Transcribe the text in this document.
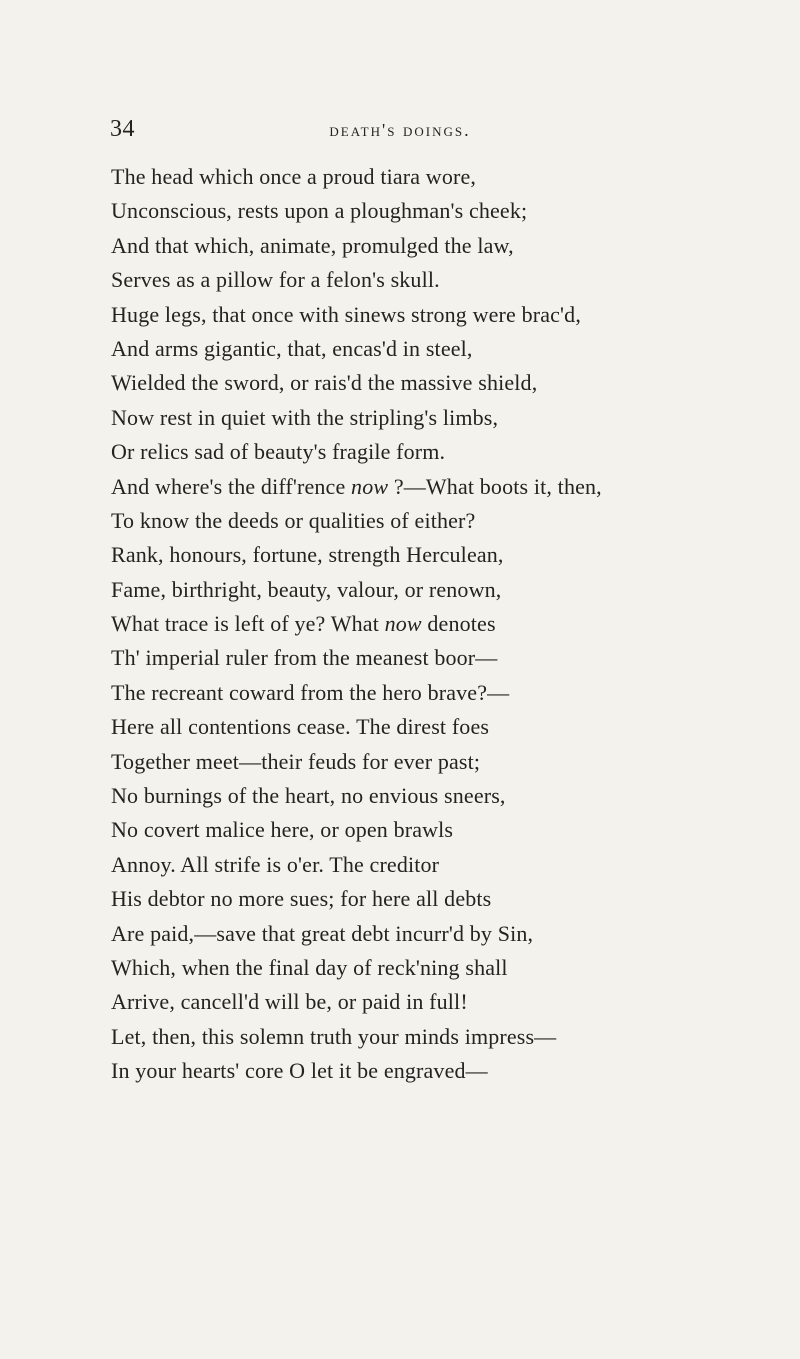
34	death's doings.
The head which once a proud tiara wore,
Unconscious, rests upon a ploughman's cheek;
And that which, animate, promulged the law,
Serves as a pillow for a felon's skull.
Huge legs, that once with sinews strong were brac'd,
And arms gigantic, that, encas'd in steel,
Wielded the sword, or rais'd the massive shield,
Now rest in quiet with the stripling's limbs,
Or relics sad of beauty's fragile form.
And where's the diff'rence now ?—What boots it, then,
To know the deeds or qualities of either?
Rank, honours, fortune, strength Herculean,
Fame, birthright, beauty, valour, or renown,
What trace is left of ye? What now denotes
Th' imperial ruler from the meanest boor—
The recreant coward from the hero brave?—
Here all contentions cease. The direst foes
Together meet—their feuds for ever past;
No burnings of the heart, no envious sneers,
No covert malice here, or open brawls
Annoy. All strife is o'er. The creditor
His debtor no more sues; for here all debts
Are paid,—save that great debt incurr'd by Sin,
Which, when the final day of reck'ning shall
Arrive, cancell'd will be, or paid in full!
Let, then, this solemn truth your minds impress—
In your hearts' core O let it be engraved—
